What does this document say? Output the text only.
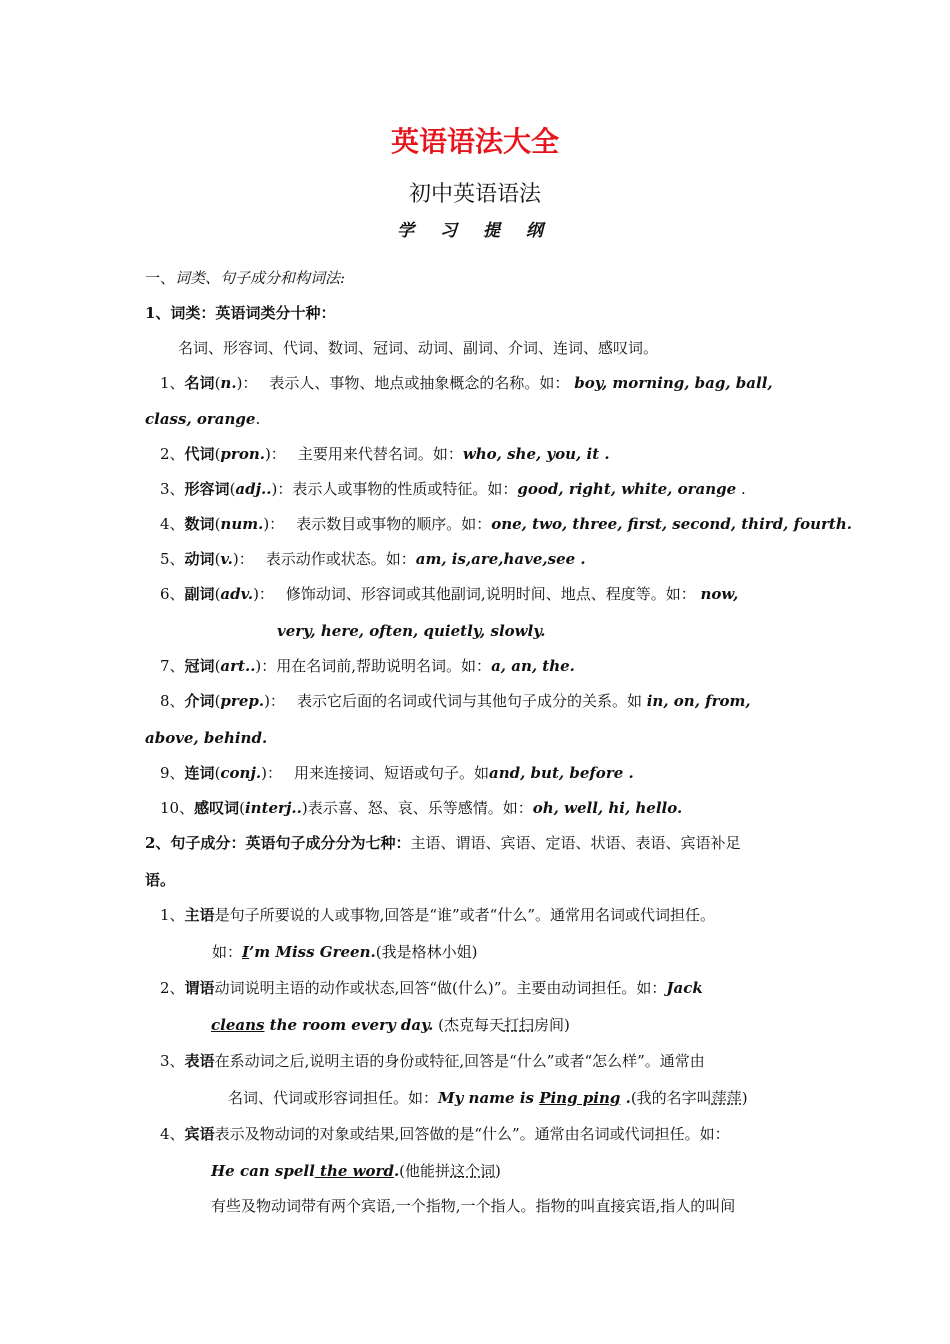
英语语法大全
初中英语语法
学 习 提 纲
一、词类、句子成分和构词法:
1、词类：英语词类分十种：
名词、形容词、代词、数词、冠词、动词、副词、介词、连词、感叹词。
1、名词(n.)： 表示人、事物、地点或抽象概念的名称。如： boy, morning, bag, ball,
class, orange.
2、代词(pron.)： 主要用来代替名词。如：who, she, you, it .
3、形容词(adj..)：表示人或事物的性质或特征。如：good, right, white, orange .
4、数词(num.)： 表示数目或事物的顺序。如：one, two, three, first, second, third, fourth.
5、动词(v.)： 表示动作或状态。如：am, is,are,have,see .
6、副词(adv.)： 修饰动词、形容词或其他副词,说明时间、地点、程度等。如： now,
very, here, often, quietly, slowly.
7、冠词(art..)：用在名词前,帮助说明名词。如：a, an, the.
8、介词(prep.)： 表示它后面的名词或代词与其他句子成分的关系。如 in, on, from,
above, behind.
9、连词(conj.)： 用来连接词、短语或句子。如and, but, before .
10、感叹词(interj..)表示喜、怒、哀、乐等感情。如：oh, well, hi, hello.
2、句子成分：英语句子成分分为七种：主语、谓语、宾语、定语、状语、表语、宾语补足
语。
1、主语是句子所要说的人或事物,回答是“谁”或者“什么”。通常用名词或代词担任。
如：I’m Miss Green.(我是格林小姐)
2、谓语动词说明主语的动作或状态,回答“做(什么)”。主要由动词担任。如：Jack
cleans the room every day. (杰克每天打扫房间)
3、表语在系动词之后,说明主语的身份或特征,回答是“什么”或者“怎么样”。通常由
名词、代词或形容词担任。如：My name is Ping ping .(我的名字叫萍萍)
4、宾语表示及物动词的对象或结果,回答做的是“什么”。通常由名词或代词担任。如：
He can spell the word.(他能拼这个词)
有些及物动词带有两个宾语,一个指物,一个指人。指物的叫直接宾语,指人的叫间
